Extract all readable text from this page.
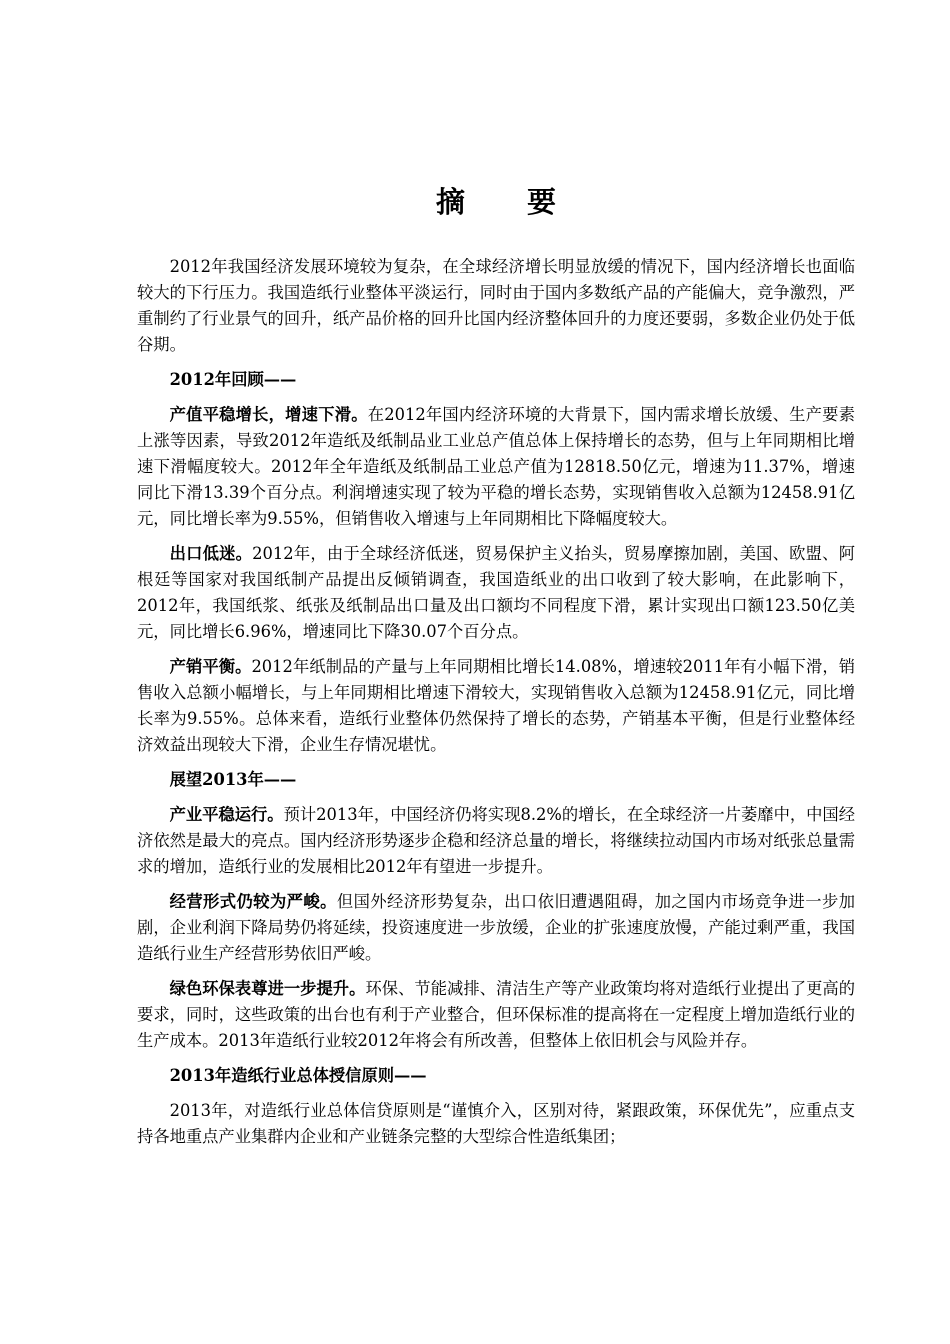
摘 要

2012年我国经济发展环境较为复杂，在全球经济增长明显放缓的情况下，国内经济增长也面临较大的下行压力。我国造纸行业整体平淡运行，同时由于国内多数纸产品的产能偏大，竞争激烈，严重制约了行业景气的回升，纸产品价格的回升比国内经济整体回升的力度还要弱，多数企业仍处于低谷期。

2012年回顾——

产值平稳增长，增速下滑。在2012年国内经济环境的大背景下，国内需求增长放缓、生产要素上涨等因素，导致2012年造纸及纸制品业工业总产值总体上保持增长的态势，但与上年同期相比增速下滑幅度较大。2012年全年造纸及纸制品工业总产值为12818.50亿元，增速为11.37%，增速同比下滑13.39个百分点。利润增速实现了较为平稳的增长态势，实现销售收入总额为12458.91亿元，同比增长率为9.55%，但销售收入增速与上年同期相比下降幅度较大。

出口低迷。2012年，由于全球经济低迷，贸易保护主义抬头，贸易摩擦加剧，美国、欧盟、阿根廷等国家对我国纸制产品提出反倾销调查，我国造纸业的出口收到了较大影响，在此影响下，2012年，我国纸浆、纸张及纸制品出口量及出口额均不同程度下滑，累计实现出口额123.50亿美元，同比增长6.96%，增速同比下降30.07个百分点。

产销平衡。2012年纸制品的产量与上年同期相比增长14.08%，增速较2011年有小幅下滑，销售收入总额小幅增长，与上年同期相比增速下滑较大，实现销售收入总额为12458.91亿元，同比增长率为9.55%。总体来看，造纸行业整体仍然保持了增长的态势，产销基本平衡，但是行业整体经济效益出现较大下滑，企业生存情况堪忧。

展望2013年——

产业平稳运行。预计2013年，中国经济仍将实现8.2%的增长，在全球经济一片萎靡中，中国经济依然是最大的亮点。国内经济形势逐步企稳和经济总量的增长，将继续拉动国内市场对纸张总量需求的增加，造纸行业的发展相比2012年有望进一步提升。

经营形式仍较为严峻。但国外经济形势复杂，出口依旧遭遇阻碍，加之国内市场竞争进一步加剧，企业利润下降局势仍将延续，投资速度进一步放缓，企业的扩张速度放慢，产能过剩严重，我国造纸行业生产经营形势依旧严峻。

绿色环保表尊进一步提升。环保、节能减排、清洁生产等产业政策均将对造纸行业提出了更高的要求，同时，这些政策的出台也有利于产业整合，但环保标准的提高将在一定程度上增加造纸行业的生产成本。2013年造纸行业较2012年将会有所改善，但整体上依旧机会与风险并存。

2013年造纸行业总体授信原则——

2013年，对造纸行业总体信贷原则是“谨慎介入，区别对待，紧跟政策，环保优先”，应重点支持各地重点产业集群内企业和产业链条完整的大型综合性造纸集团；
